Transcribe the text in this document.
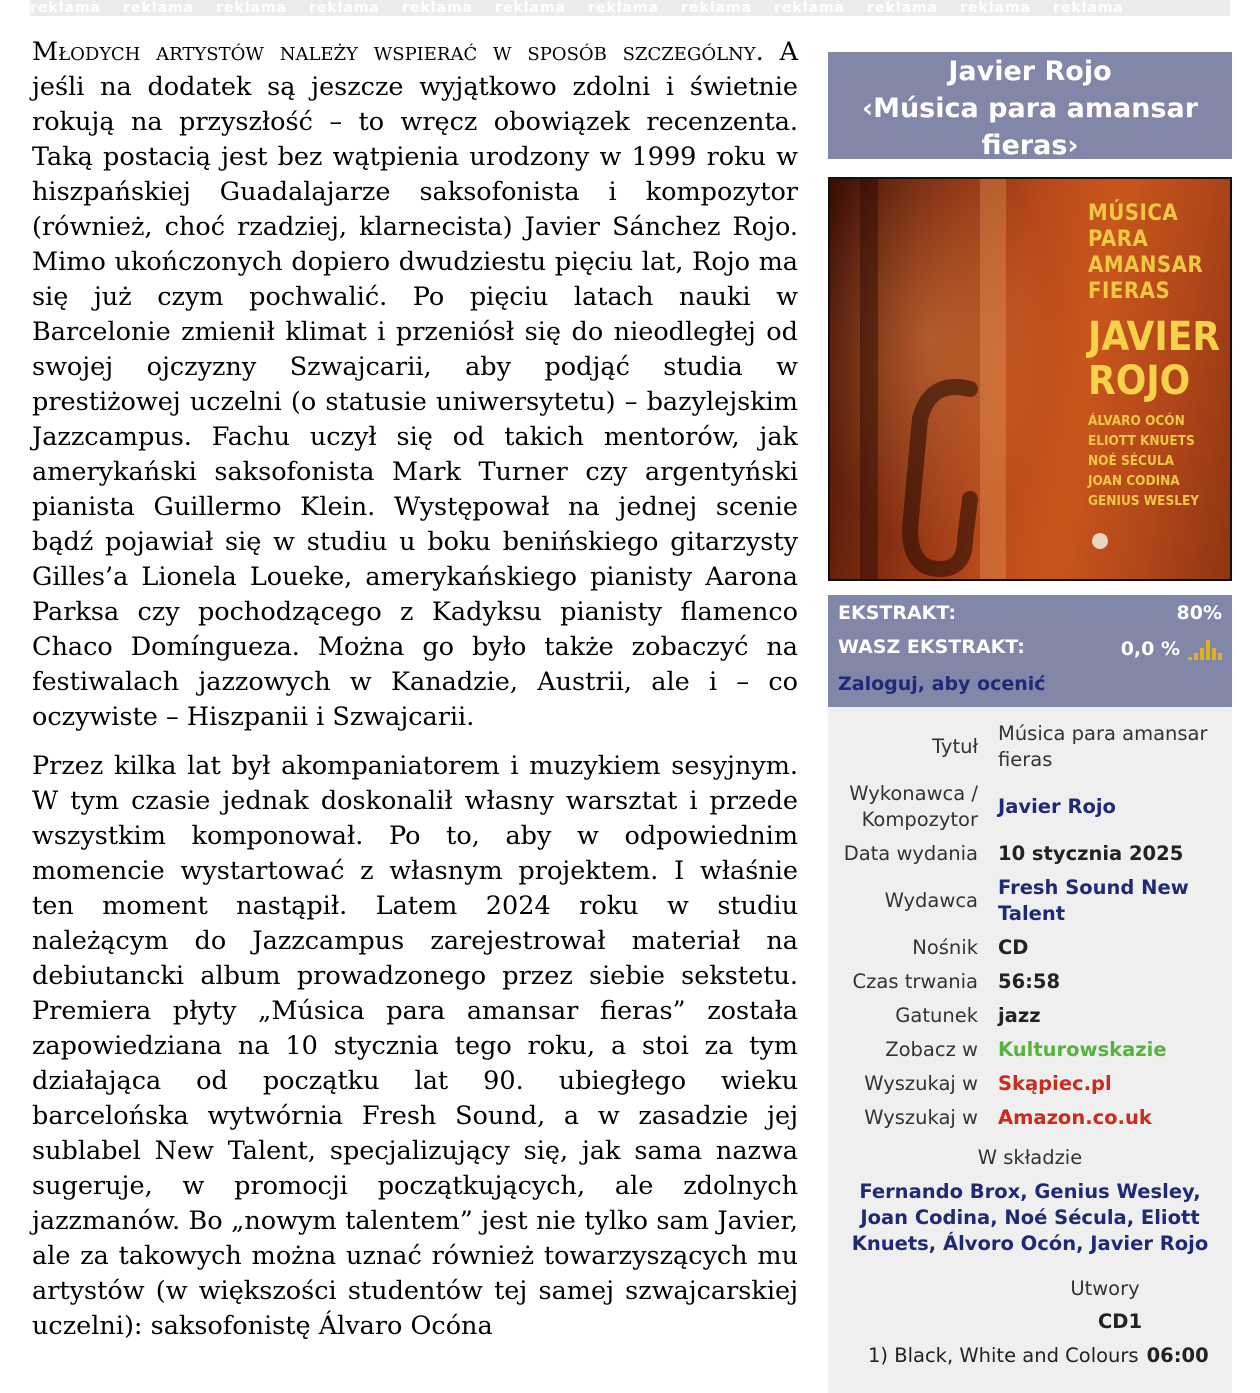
reklama reklama reklama reklama reklama reklama reklama reklama reklama reklama reklama reklama

Młodych artystów należy wspierać w sposób szczególny. A jeśli na dodatek są jeszcze wyjątkowo zdolni i świetnie rokują na przyszłość – to wręcz obowiązek recenzenta. Taką postacią jest bez wątpienia urodzony w 1999 roku w hiszpańskiej Guadalajarze saksofonista i kompozytor (również, choć rzadziej, klarnecista) Javier Sánchez Rojo. Mimo ukończonych dopiero dwudziestu pięciu lat, Rojo ma się już czym pochwalić. Po pięciu latach nauki w Barcelonie zmienił klimat i przeniósł się do nieodległej od swojej ojczyzny Szwajcarii, aby podjąć studia w prestiżowej uczelni (o statusie uniwersytetu) – bazylejskim Jazzcampus. Fachu uczył się od takich mentorów, jak amerykański saksofonista Mark Turner czy argentyński pianista Guillermo Klein. Występował na jednej scenie bądź pojawiał się w studiu u boku benińskiego gitarzysty Gilles’a Lionela Loueke, amerykańskiego pianisty Aarona Parksa czy pochodzącego z Kadyksu pianisty flamenco Chaco Domíngueza. Można go było także zobaczyć na festiwalach jazzowych w Kanadzie, Austrii, ale i – co oczywiste – Hiszpanii i Szwajcarii.

Przez kilka lat był akompaniatorem i muzykiem sesyjnym. W tym czasie jednak doskonalił własny warsztat i przede wszystkim komponował. Po to, aby w odpowiednim momencie wystartować z własnym projektem. I właśnie ten moment nastąpił. Latem 2024 roku w studiu należącym do Jazzcampus zarejestrował materiał na debiutancki album prowadzonego przez siebie sekstetu. Premiera płyty „Música para amansar fieras” została zapowiedziana na 10 stycznia tego roku, a stoi za tym działająca od początku lat 90. ubiegłego wieku barcelońska wytwórnia Fresh Sound, a w zasadzie jej sublabel New Talent, specjalizujący się, jak sama nazwa sugeruje, w promocji początkujących, ale zdolnych jazzmanów. Bo „nowym talentem” jest nie tylko sam Javier, ale za takowych można uznać również towarzyszących mu artystów (w większości studentów tej samej szwajcarskiej uczelni): saksofonistę Álvaro Ocóna

Javier Rojo
‹Música para amansar fieras›
MÚSICA
PARA
AMANSAR
FIERAS
JAVIER
ROJO
ÁLVARO OCÓN
ELIOTT KNUETS
NOÉ SÉCULA
JOAN CODINA
GENIUS WESLEY
EKSTRAKT:	80%
WASZ EKSTRAKT:	0,0 %
Zaloguj, aby ocenić
Tytuł	Música para amansar fieras
Wykonawca / Kompozytor	Javier Rojo
Data wydania	10 stycznia 2025
Wydawca	Fresh Sound New Talent
Nośnik	CD
Czas trwania	56:58
Gatunek	jazz
Zobacz w	Kulturowskazie
Wyszukaj w	Skąpiec.pl
Wyszukaj w	Amazon.co.uk
W składzie
Fernando Brox, Genius Wesley, Joan Codina, Noé Sécula, Eliott Knuets, Álvoro Ocón, Javier Rojo
Utwory
CD1
1) Black, White and Colours 06:00
